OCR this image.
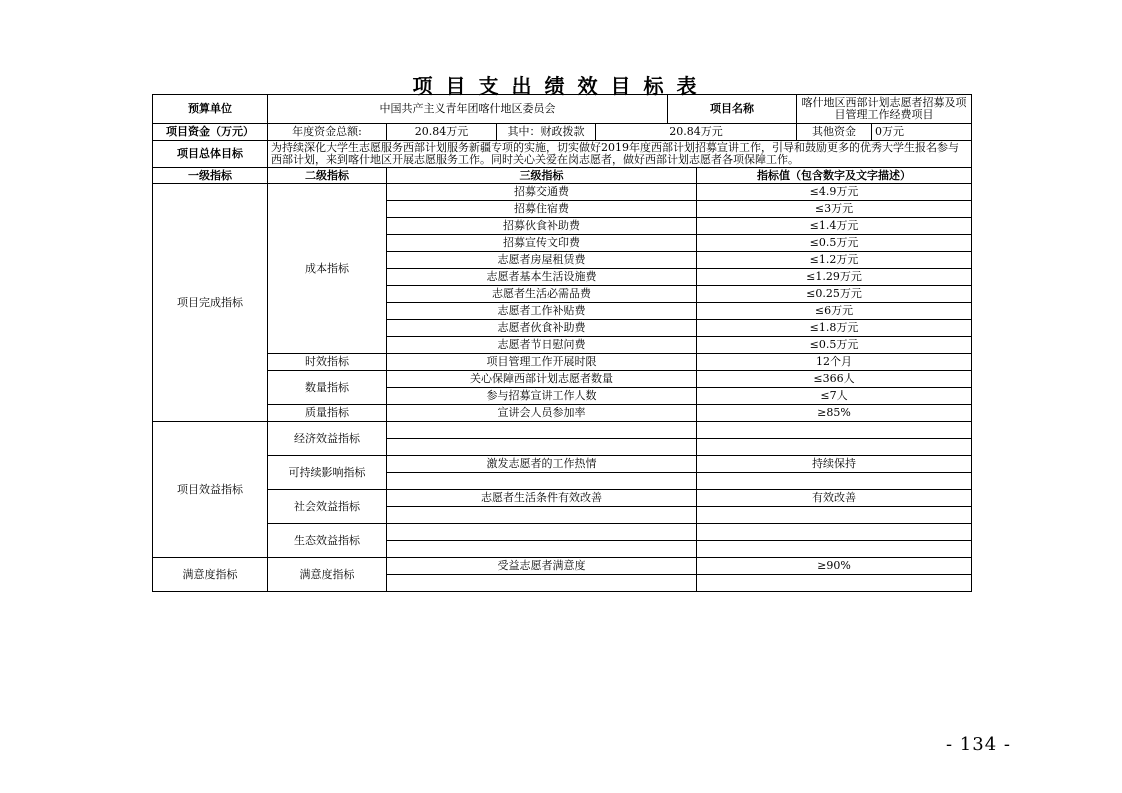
项目支出绩效目标表
预算单位	中国共产主义青年团喀什地区委员会				项目名称		喀什地区西部计划志愿者招募及项目管理工作经费项目	
项目资金（万元）	年度资金总额:	20.84万元	其中：财政拨款	20.84万元			其他资金	0万元
项目总体目标	为持续深化大学生志愿服务西部计划服务新疆专项的实施，切实做好2019年度西部计划招募宣讲工作，引导和鼓励更多的优秀大学生报名参与西部计划，来到喀什地区开展志愿服务工作。同时关心关爱在岗志愿者，做好西部计划志愿者各项保障工作。							
一级指标	二级指标	三级指标				指标值（包含数字及文字描述）		
项目完成指标	成本指标	招募交通费				≤4.9万元		
		招募住宿费				≤3万元		
		招募伙食补助费				≤1.4万元		
		招募宣传文印费				≤0.5万元		
		志愿者房屋租赁费				≤1.2万元		
		志愿者基本生活设施费				≤1.29万元		
		志愿者生活必需品费				≤0.25万元		
		志愿者工作补贴费				≤6万元		
		志愿者伙食补助费				≤1.8万元		
		志愿者节日慰问费				≤0.5万元		
	时效指标	项目管理工作开展时限				12个月		
	数量指标	关心保障西部计划志愿者数量				≤366人		
		参与招募宣讲工作人数				≤7人		
	质量指标	宣讲会人员参加率				≥85%		
项目效益指标	经济效益指标							

	可持续影响指标	激发志愿者的工作热情				持续保持		

	社会效益指标	志愿者生活条件有效改善				有效改善		

	生态效益指标							

满意度指标	满意度指标	受益志愿者满意度				≥90%		

- 134 -
